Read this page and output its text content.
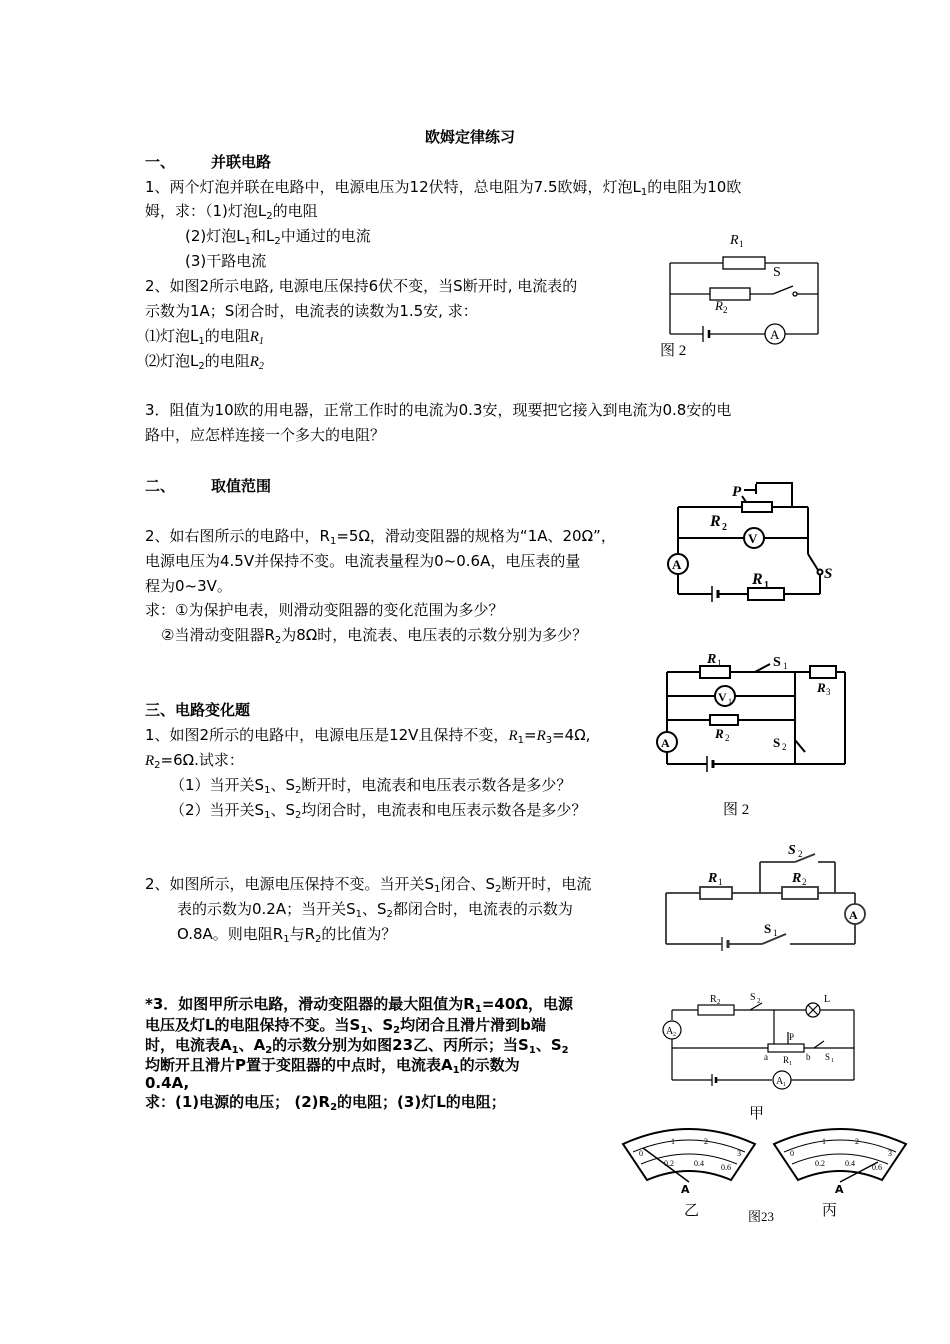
欧姆定律练习
一、 并联电路
1、两个灯泡并联在电路中，电源电压为12伏特，总电阻为7.5欧姆，灯泡$L_1$的电阻为10欧
姆，求：（1)灯泡$L_2$的电阻
(2)灯泡$L_1$和$L_2$中通过的电流
(3)干路电流
2、如图2所示电路, 电源电压保持6伏不变，当S断开时, 电流表的
示数为1A；S闭合时，电流表的读数为1.5安, 求：
⑴灯泡$L_1$的电阻$R_1$
⑵灯泡$L_2$的电阻$R_2$
3．阻值为10欧的用电器，正常工作时的电流为0.3安，现要把它接入到电流为0.8安的电
路中，应怎样连接一个多大的电阻？
R 1
S
R 2
A
图 2
二、 取值范围
2、如右图所示的电路中，$R_1=5\Omega$，滑动变阻器的规格为“1A、20Ω”，
电源电压为4.5V并保持不变。电流表量程为0~0.6A，电压表的量
程为0~3V。
求：①为保护电表，则滑动变阻器的变化范围为多少？
②当滑动变阻器$R_2$为8Ω时，电流表、电压表的示数分别为多少？
P
R 2
V
A
S
R 1
三、电路变化题
1、如图2所示的电路中，电源电压是12V且保持不变，$R_1=R_3=4\Omega$,
$R_2=6\Omega$.试求：
（1）当开关$S_1$、$S_2$断开时，电流表和电压表示数各是多少？
（2）当开关$S_1$、$S_2$均闭合时，电流表和电压表示数各是多少？
R 1	S 1
R 3
V 1
R 2
A	S 2
图 2
2、如图所示，电源电压保持不变。当开关$S_1$闭合、$S_2$断开时，电流
表的示数为0.2A；当开关$S_1$、$S_2$都闭合时，电流表的示数为
O.8A。则电阻$R_1$与$R_2$的比值为？
S 2
R 1	R 2
A
S 1
*3．如图甲所示电路，滑动变阻器的最大阻值为$R_1=40\Omega$，电源
电压及灯L的电阻保持不变。当$S_1$、$S_2$均闭合且滑片滑到b端
时，电流表$A_1$、$A_2$的示数分别为如图23乙、丙所示；当$S_1$、$S_2$
均断开且滑片P置于变阻器的中点时，电流表$A_1$的示数为
0.4A,
求：(1)电源的电压； $(2)R_2$的电阻；(3)灯L的电阻；
R 2	S 2	L
A 2	P
a	b
R 1
S 1
A 1
甲
0
1	2
3
0.2	0.4 0.6
A
乙
0
1	2
3
0.2	0.4 0.6
A
丙
图23
